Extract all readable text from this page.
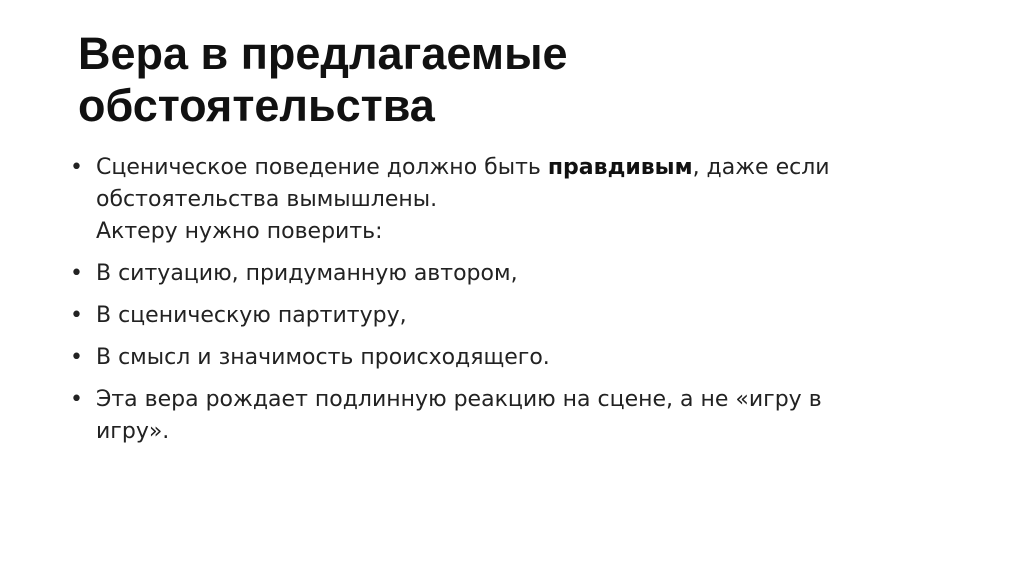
Вера в предлагаемые
обстоятельства
• Сценическое поведение должно быть правдивым, даже если
обстоятельства вымышлены.
Актеру нужно поверить:
• В ситуацию, придуманную автором,
• В сценическую партитуру,
• В смысл и значимость происходящего.
• Эта вера рождает подлинную реакцию на сцене, а не «игру в
игру».
